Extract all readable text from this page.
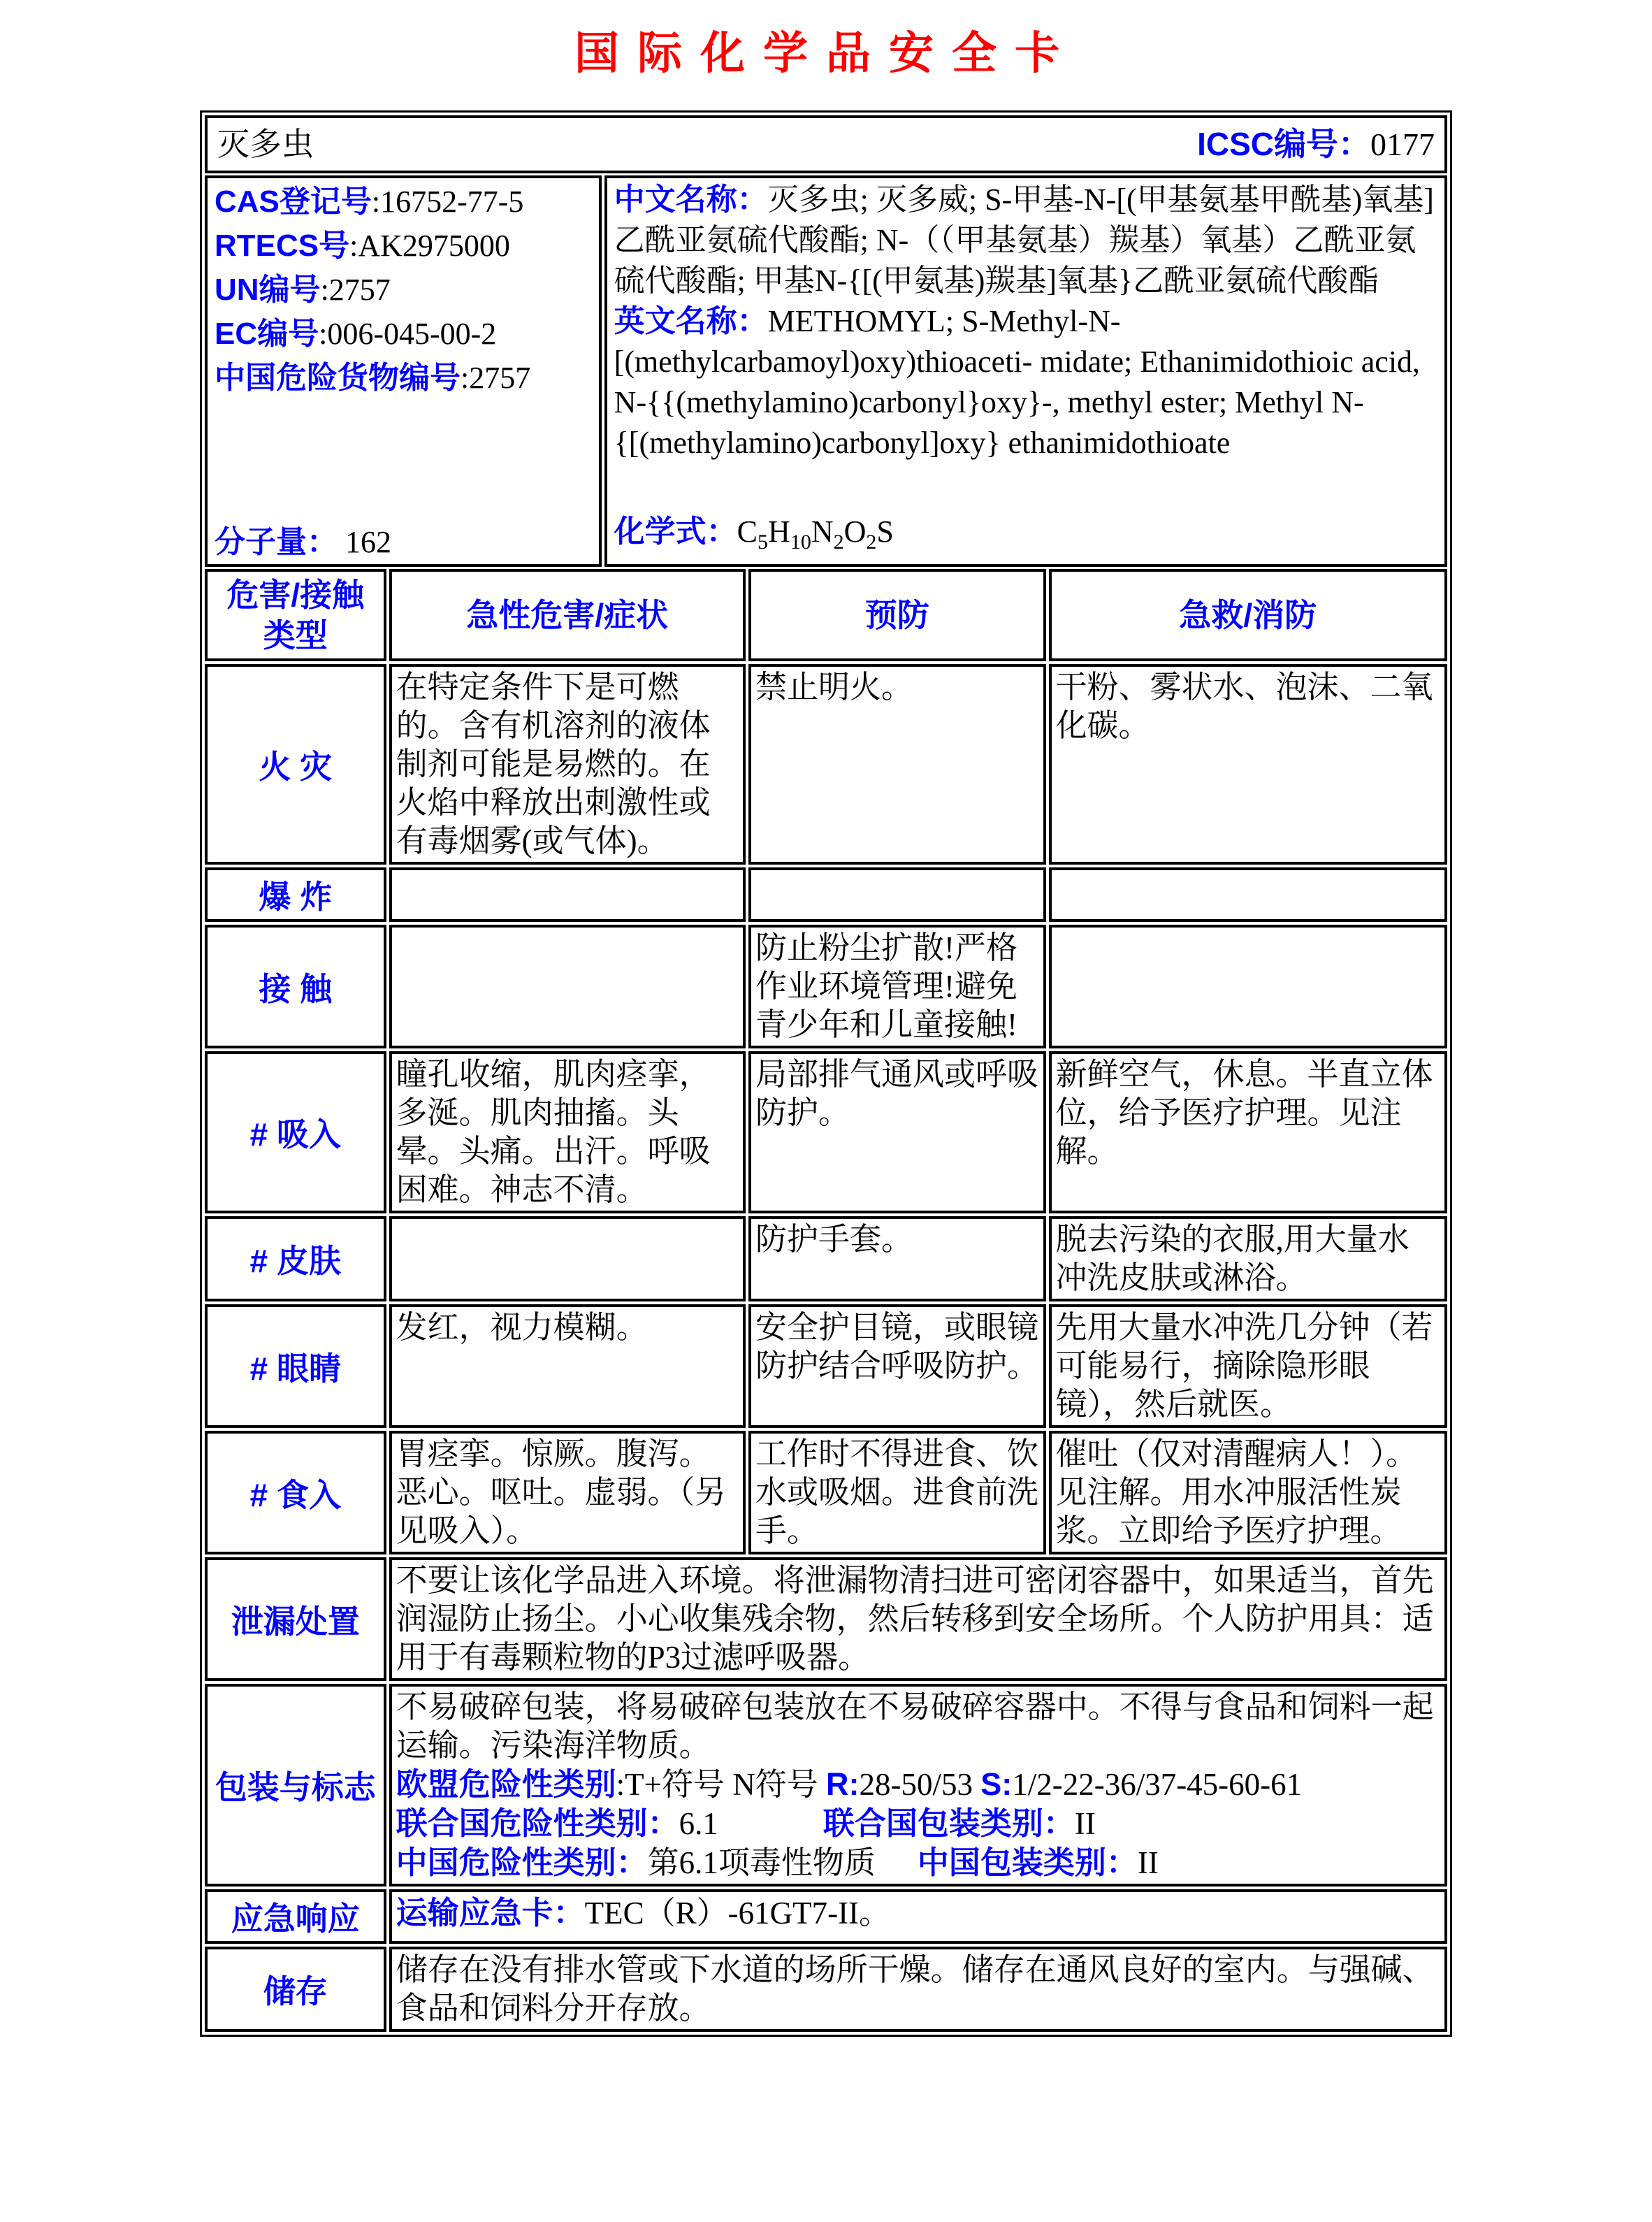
国际化学品安全卡
灭多虫	ICSC编号：0177
CAS登记号:16752-77-5
RTECS号:AK2975000
UN编号:2757
EC编号:006-045-00-2
中国危险货物编号:2757
分子量： 162

中文名称：灭多虫; 灭多威; S-甲基-N-[(甲基氨基甲酰基)氧基]乙酰亚氨硫代酸酯; N-（（甲基氨基）羰基）氧基）乙酰亚氨硫代酸酯; 甲基N-{[(甲氨基)羰基]氧基}乙酰亚氨硫代酸酯
英文名称：METHOMYL; S-Methyl-N-[(methylcarbamoyl)oxy)thioaceti- midate; Ethanimidothioic acid, N-{{(methylamino)carbonyl}oxy}-, methyl ester; Methyl N-{[(methylamino)carbonyl]oxy} ethanimidothioate
化学式：$C_5H_{10}N_2O_2S$
危害/接触
类型	急性危害/症状	预防	急救/消防
火 灾	在特定条件下是可燃的。含有机溶剂的液体制剂可能是易燃的。在火焰中释放出刺激性或有毒烟雾(或气体)。	禁止明火。	干粉、雾状水、泡沫、二氧化碳。
爆 炸			
接 触		防止粉尘扩散!严格作业环境管理!避免青少年和儿童接触!	
# 吸入	瞳孔收缩，肌肉痉挛，多涎。肌肉抽搐。头晕。头痛。出汗。呼吸困难。神志不清。	局部排气通风或呼吸防护。	新鲜空气，休息。半直立体位，给予医疗护理。见注解。
# 皮肤		防护手套。	脱去污染的衣服,用大量水冲洗皮肤或淋浴。
# 眼睛	发红，视力模糊。	安全护目镜，或眼镜防护结合呼吸防护。	先用大量水冲洗几分钟（若可能易行，摘除隐形眼镜），然后就医。
# 食入	胃痉挛。惊厥。腹泻。恶心。呕吐。虚弱。（另见吸入）。	工作时不得进食、饮水或吸烟。进食前洗手。	催吐（仅对清醒病人！）。见注解。用水冲服活性炭浆。立即给予医疗护理。
泄漏处置	不要让该化学品进入环境。将泄漏物清扫进可密闭容器中，如果适当，首先润湿防止扬尘。小心收集残余物，然后转移到安全场所。个人防护用具：适用于有毒颗粒物的P3过滤呼吸器。		
包装与标志	不易破碎包装，将易破碎包装放在不易破碎容器中。不得与食品和饲料一起运输。污染海洋物质。
欧盟危险性类别:T+符号 N符号 R:28-50/53 S:1/2-22-36/37-45-60-61
联合国危险性类别：6.1 联合国包装类别：II
中国危险性类别：第6.1项毒性物质 中国包装类别：II		

应急响应	运输应急卡：TEC（R）-61GT7-II。		
储存	储存在没有排水管或下水道的场所干燥。储存在通风良好的室内。与强碱、食品和饲料分开存放。		
